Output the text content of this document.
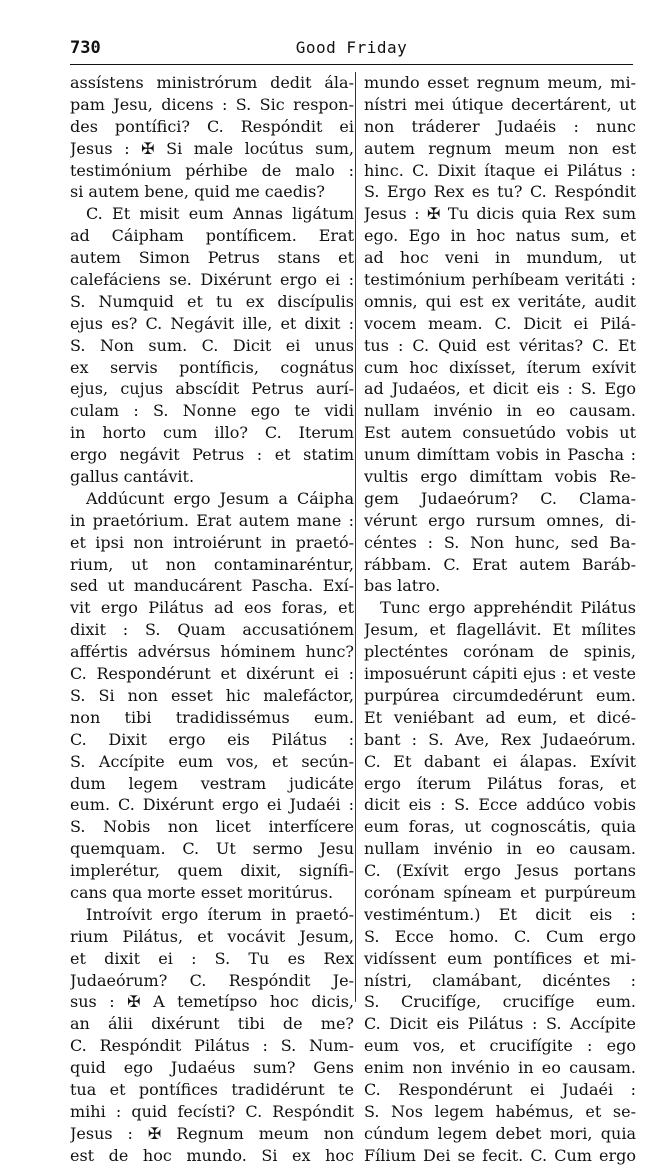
730	Good Friday
assístens ministrórum dedit ála-
pam Jesu, dicens : S. Sic respon-
des pontífici? C. Respóndit ei
Jesus : ✠ Si male locútus sum,
testimónium pérhibe de malo :
si autem bene, quid me caedis?
C. Et misit eum Annas ligátum
ad Cáipham pontíficem. Erat
autem Simon Petrus stans et
calefáciens se. Dixérunt ergo ei :
S. Numquid et tu ex discípulis
ejus es? C. Negávit ille, et dixit :
S. Non sum. C. Dicit ei unus
ex servis pontíficis, cognátus
ejus, cujus abscídit Petrus aurí-
culam : S. Nonne ego te vidi
in horto cum illo? C. Iterum
ergo negávit Petrus : et statim
gallus cantávit.
Addúcunt ergo Jesum a Cáipha
in praetórium. Erat autem mane :
et ipsi non introiérunt in praetó-
rium, ut non contaminaréntur,
sed ut manducárent Pascha. Exí-
vit ergo Pilátus ad eos foras, et
dixit : S. Quam accusatiónem
affértis advérsus hóminem hunc?
C. Respondérunt et dixérunt ei :
S. Si non esset hic malefáctor,
non tibi tradidissémus eum.
C. Dixit ergo eis Pilátus :
S. Accípite eum vos, et secún-
dum legem vestram judicáte
eum. C. Dixérunt ergo ei Judaéi :
S. Nobis non licet interfícere
quemquam. C. Ut sermo Jesu
implerétur, quem dixit, signífi-
cans qua morte esset moritúrus.
Introívit ergo íterum in praetó-
rium Pilátus, et vocávit Jesum,
et dixit ei : S. Tu es Rex
Judaeórum? C. Respóndit Je-
sus : ✠ A temetípso hoc dicis,
an álii dixérunt tibi de me?
C. Respóndit Pilátus : S. Num-
quid ego Judaéus sum? Gens
tua et pontífices tradidérunt te
mihi : quid fecísti? C. Respóndit
Jesus : ✠ Regnum meum non
est de hoc mundo. Si ex hoc
mundo esset regnum meum, mi-
nístri mei útique decertárent, ut
non tráderer Judaéis : nunc
autem regnum meum non est
hinc. C. Dixit ítaque ei Pilátus :
S. Ergo Rex es tu? C. Respóndit
Jesus : ✠ Tu dicis quia Rex sum
ego. Ego in hoc natus sum, et
ad hoc veni in mundum, ut
testimónium perhíbeam veritáti :
omnis, qui est ex veritáte, audit
vocem meam. C. Dicit ei Pilá-
tus : C. Quid est véritas? C. Et
cum hoc dixísset, íterum exívit
ad Judaéos, et dicit eis : S. Ego
nullam invénio in eo causam.
Est autem consuetúdo vobis ut
unum dimíttam vobis in Pascha :
vultis ergo dimíttam vobis Re-
gem Judaeórum? C. Clama-
vérunt ergo rursum omnes, di-
céntes : S. Non hunc, sed Ba-
rábbam. C. Erat autem Baráb-
bas latro.
Tunc ergo apprehéndit Pilátus
Jesum, et flagellávit. Et mílites
plecténtes corónam de spinis,
imposuérunt cápiti ejus : et veste
purpúrea circumdedérunt eum.
Et veniébant ad eum, et dicé-
bant : S. Ave, Rex Judaeórum.
C. Et dabant ei álapas. Exívit
ergo íterum Pilátus foras, et
dicit eis : S. Ecce addúco vobis
eum foras, ut cognoscátis, quia
nullam invénio in eo causam.
C. (Exívit ergo Jesus portans
corónam spíneam et purpúreum
vestiméntum.) Et dicit eis :
S. Ecce homo. C. Cum ergo
vidíssent eum pontífices et mi-
nístri, clamábant, dicéntes :
S. Crucifíge, crucifíge eum.
C. Dicit eis Pilátus : S. Accípite
eum vos, et crucifígite : ego
enim non invénio in eo causam.
C. Respondérunt ei Judaéi :
S. Nos legem habémus, et se-
cúndum legem debet mori, quia
Fílium Dei se fecit. C. Cum ergo
